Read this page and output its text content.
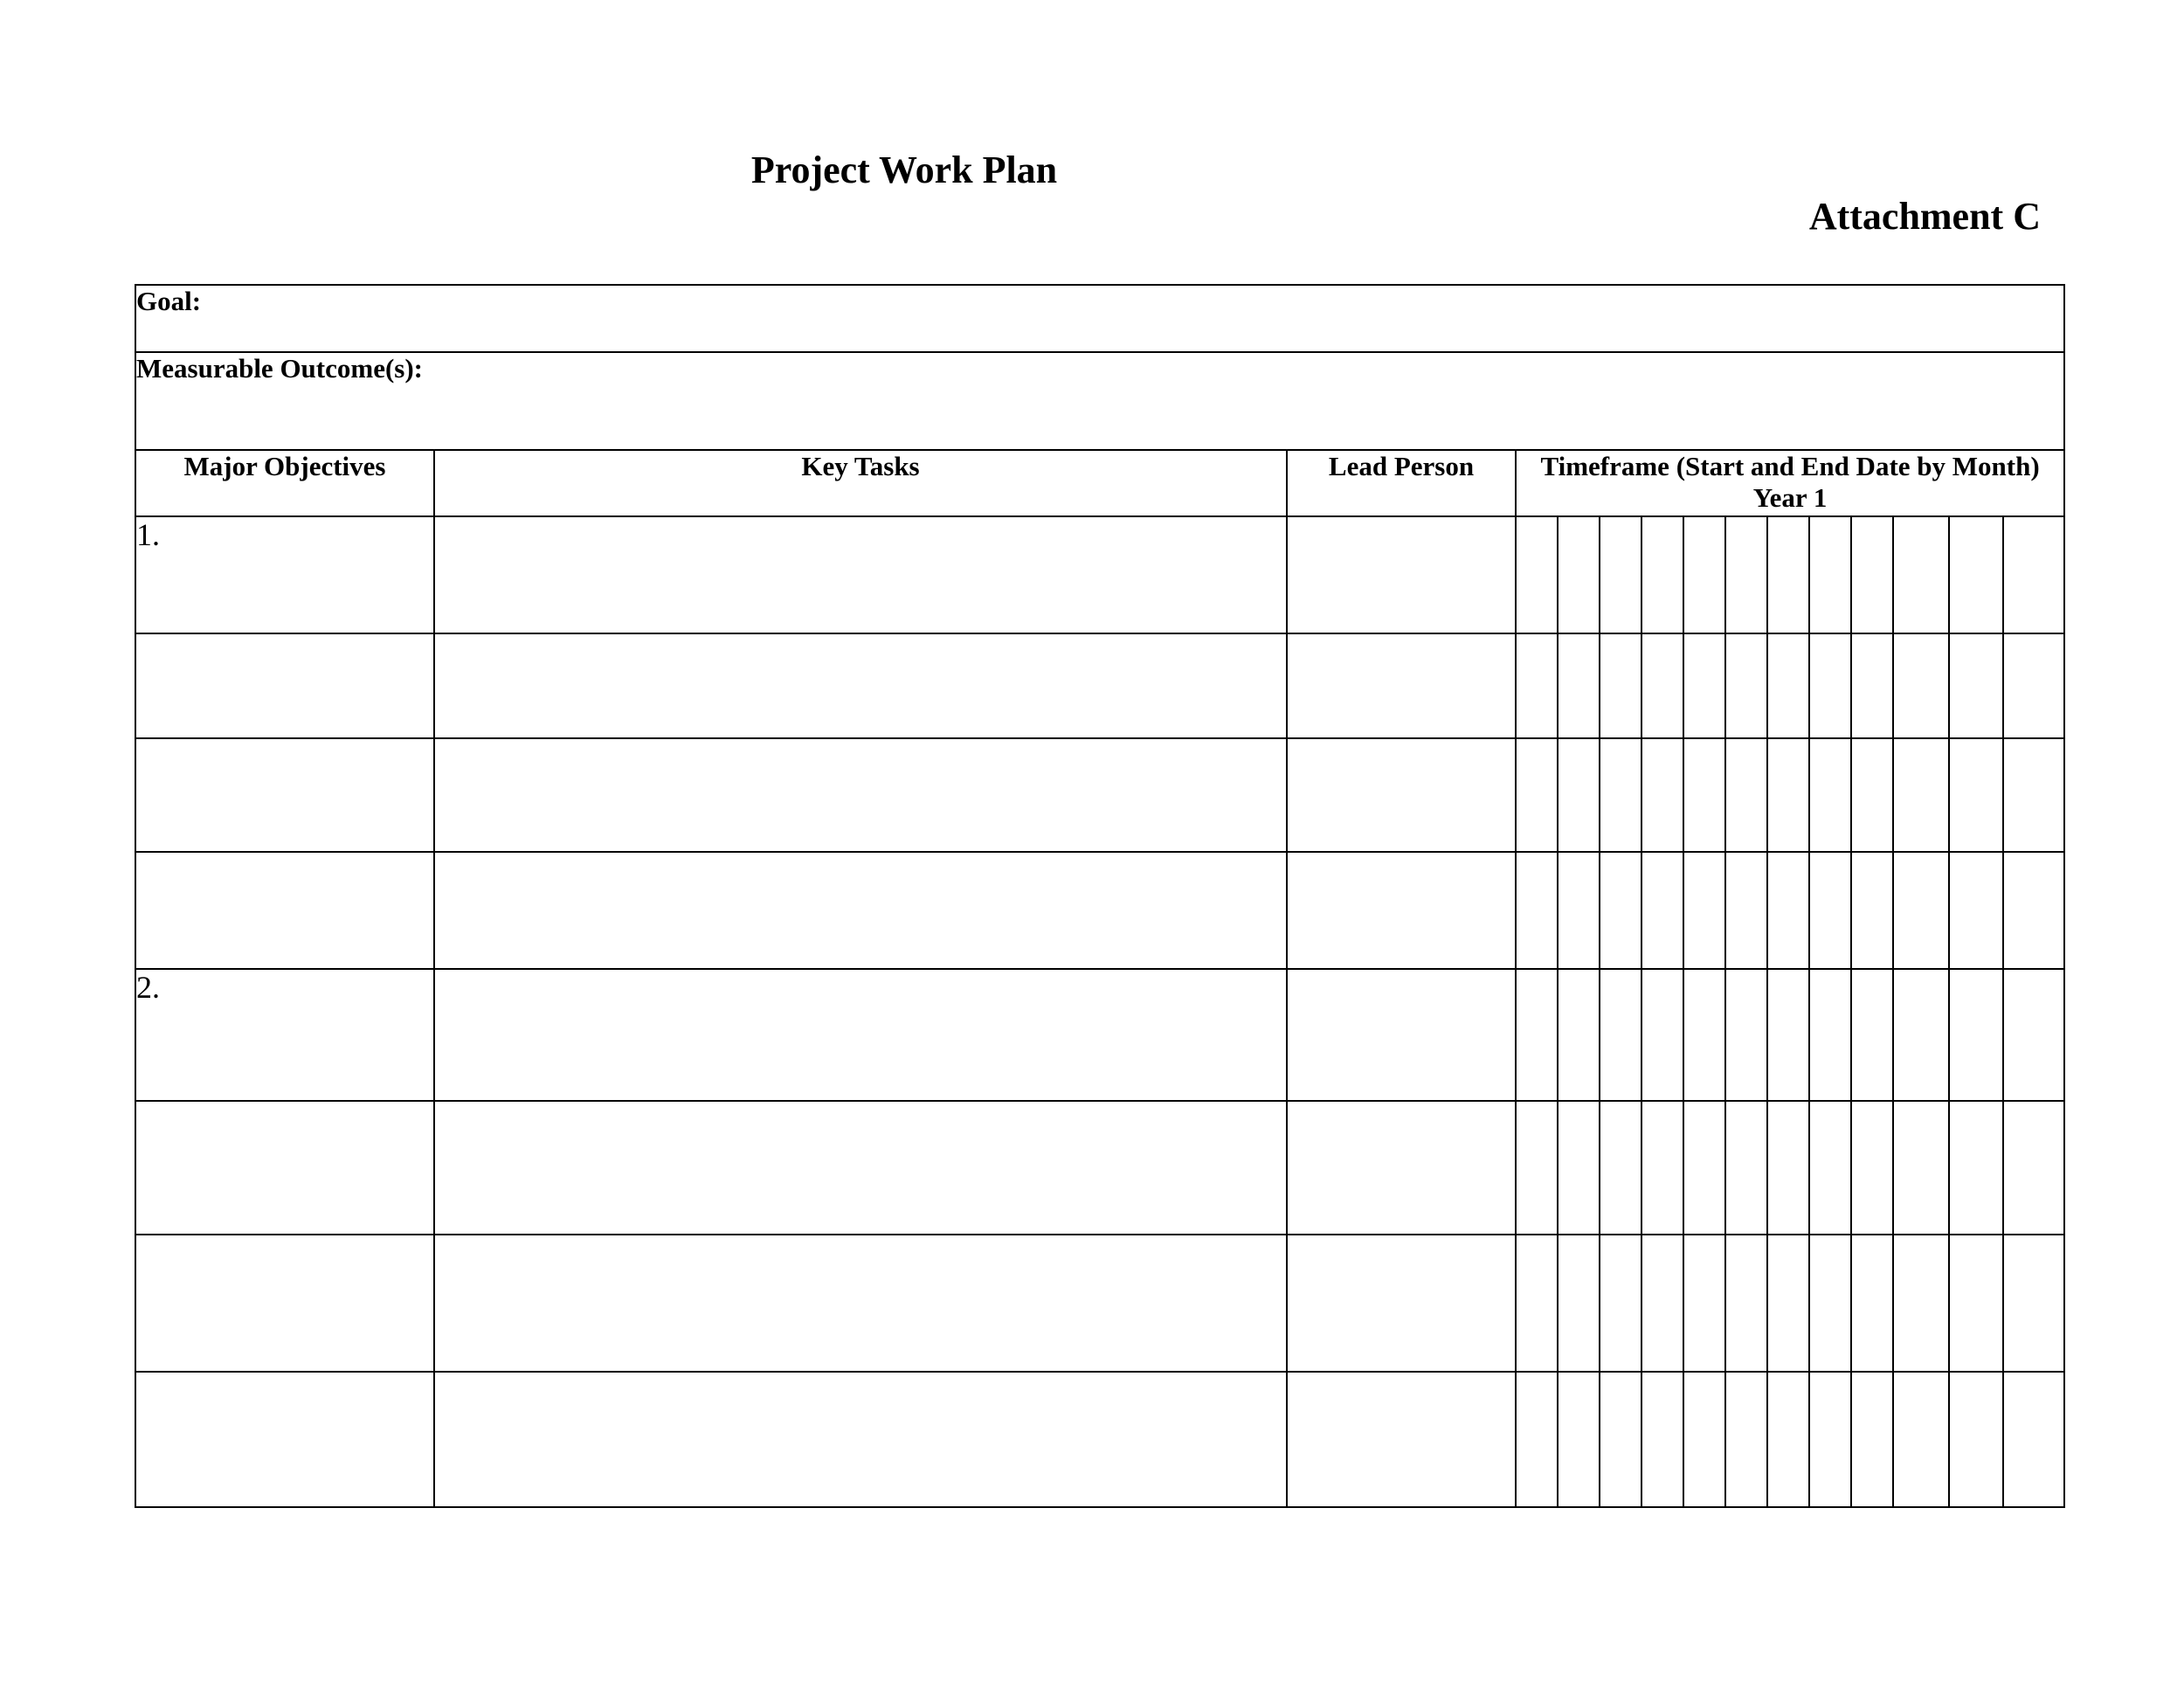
Project Work Plan
Attachment C
Goal:														
Measurable Outcome(s):														
Major Objectives	Key Tasks	Lead Person	Timeframe (Start and End Date by Month)
Year 1											

1.														

2.														
